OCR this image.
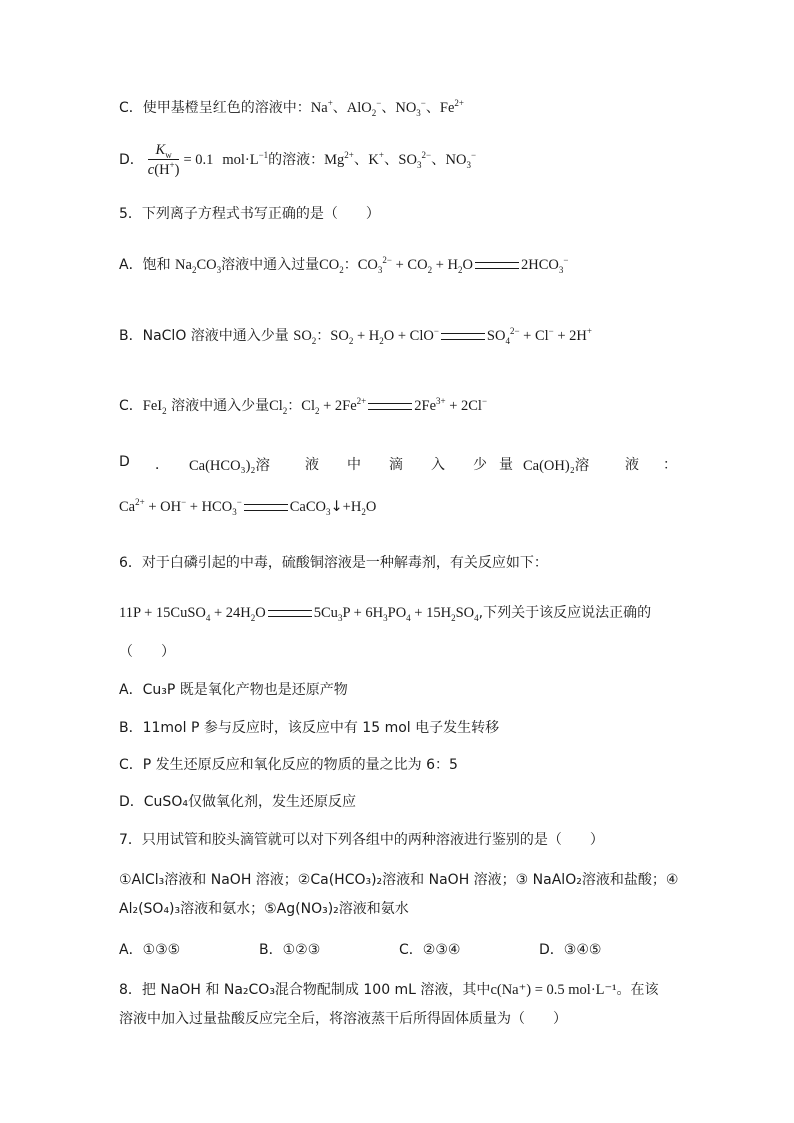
C．使甲基橙呈红色的溶液中：Na+、AlO$_2$−、$NO_3^-$、$Fe^{2+}$
D． $\frac{K_w}{c(H^+)} = 0.1$ $mol\cdot L^{-1}$的溶液：$Mg^{2+}$、K+、$SO_3^{2-}$、$NO_3^-$
5．下列离子方程式书写正确的是（　　）
A．饱和 $Na_2CO_3$溶液中通入过量$CO_2$：$CO_3^{2-} + CO_2 + H_2O$	$2HCO_3^-$
B．NaClO 溶液中通入少量 $SO_2$：$SO_2 + H_2O + ClO^-$	$SO_4^{2-} + Cl^- + 2H^+$
C．FeI$_2$ 溶液中通入少量$Cl_2$：$Cl_2 + 2Fe^{2+}$	$2Fe^{3+} + 2Cl^-$
D ． Ca(HCO₃)₂溶	液 中 滴 入 少 量 Ca(OH)₂溶	液 ：
$Ca^{2+} + OH^- + HCO_3^-$	$CaCO_3↓+H_2O$
6．对于白磷引起的中毒，硫酸铜溶液是一种解毒剂，有关反应如下：
11P + 15CuSO$_4$ + $24H_2O$	$5Cu_3P + 6H_3PO_4 + 15H_2SO_4$,下列关于该反应说法正确的
（　　）
A．Cu₃P 既是氧化产物也是还原产物
B．11mol P 参与反应时，该反应中有 15 mol 电子发生转移
C．P 发生还原反应和氧化反应的物质的量之比为 6：5
D．CuSO₄仅做氧化剂，发生还原反应
7．只用试管和胶头滴管就可以对下列各组中的两种溶液进行鉴别的是（　　）
①AlCl₃溶液和 NaOH 溶液；②Ca(HCO₃)₂溶液和 NaOH 溶液；③ NaAlO₂溶液和盐酸；④
Al₂(SO₄)₃溶液和氨水；⑤Ag(NO₃)₂溶液和氨水
A．①③⑤	B．①②③	C．②③④	D．③④⑤
8．把 NaOH 和 Na₂CO₃混合物配制成 100 mL 溶液，其中c(Na⁺) = 0.5 mol·L⁻¹。在该
溶液中加入过量盐酸反应完全后，将溶液蒸干后所得固体质量为（　　）
